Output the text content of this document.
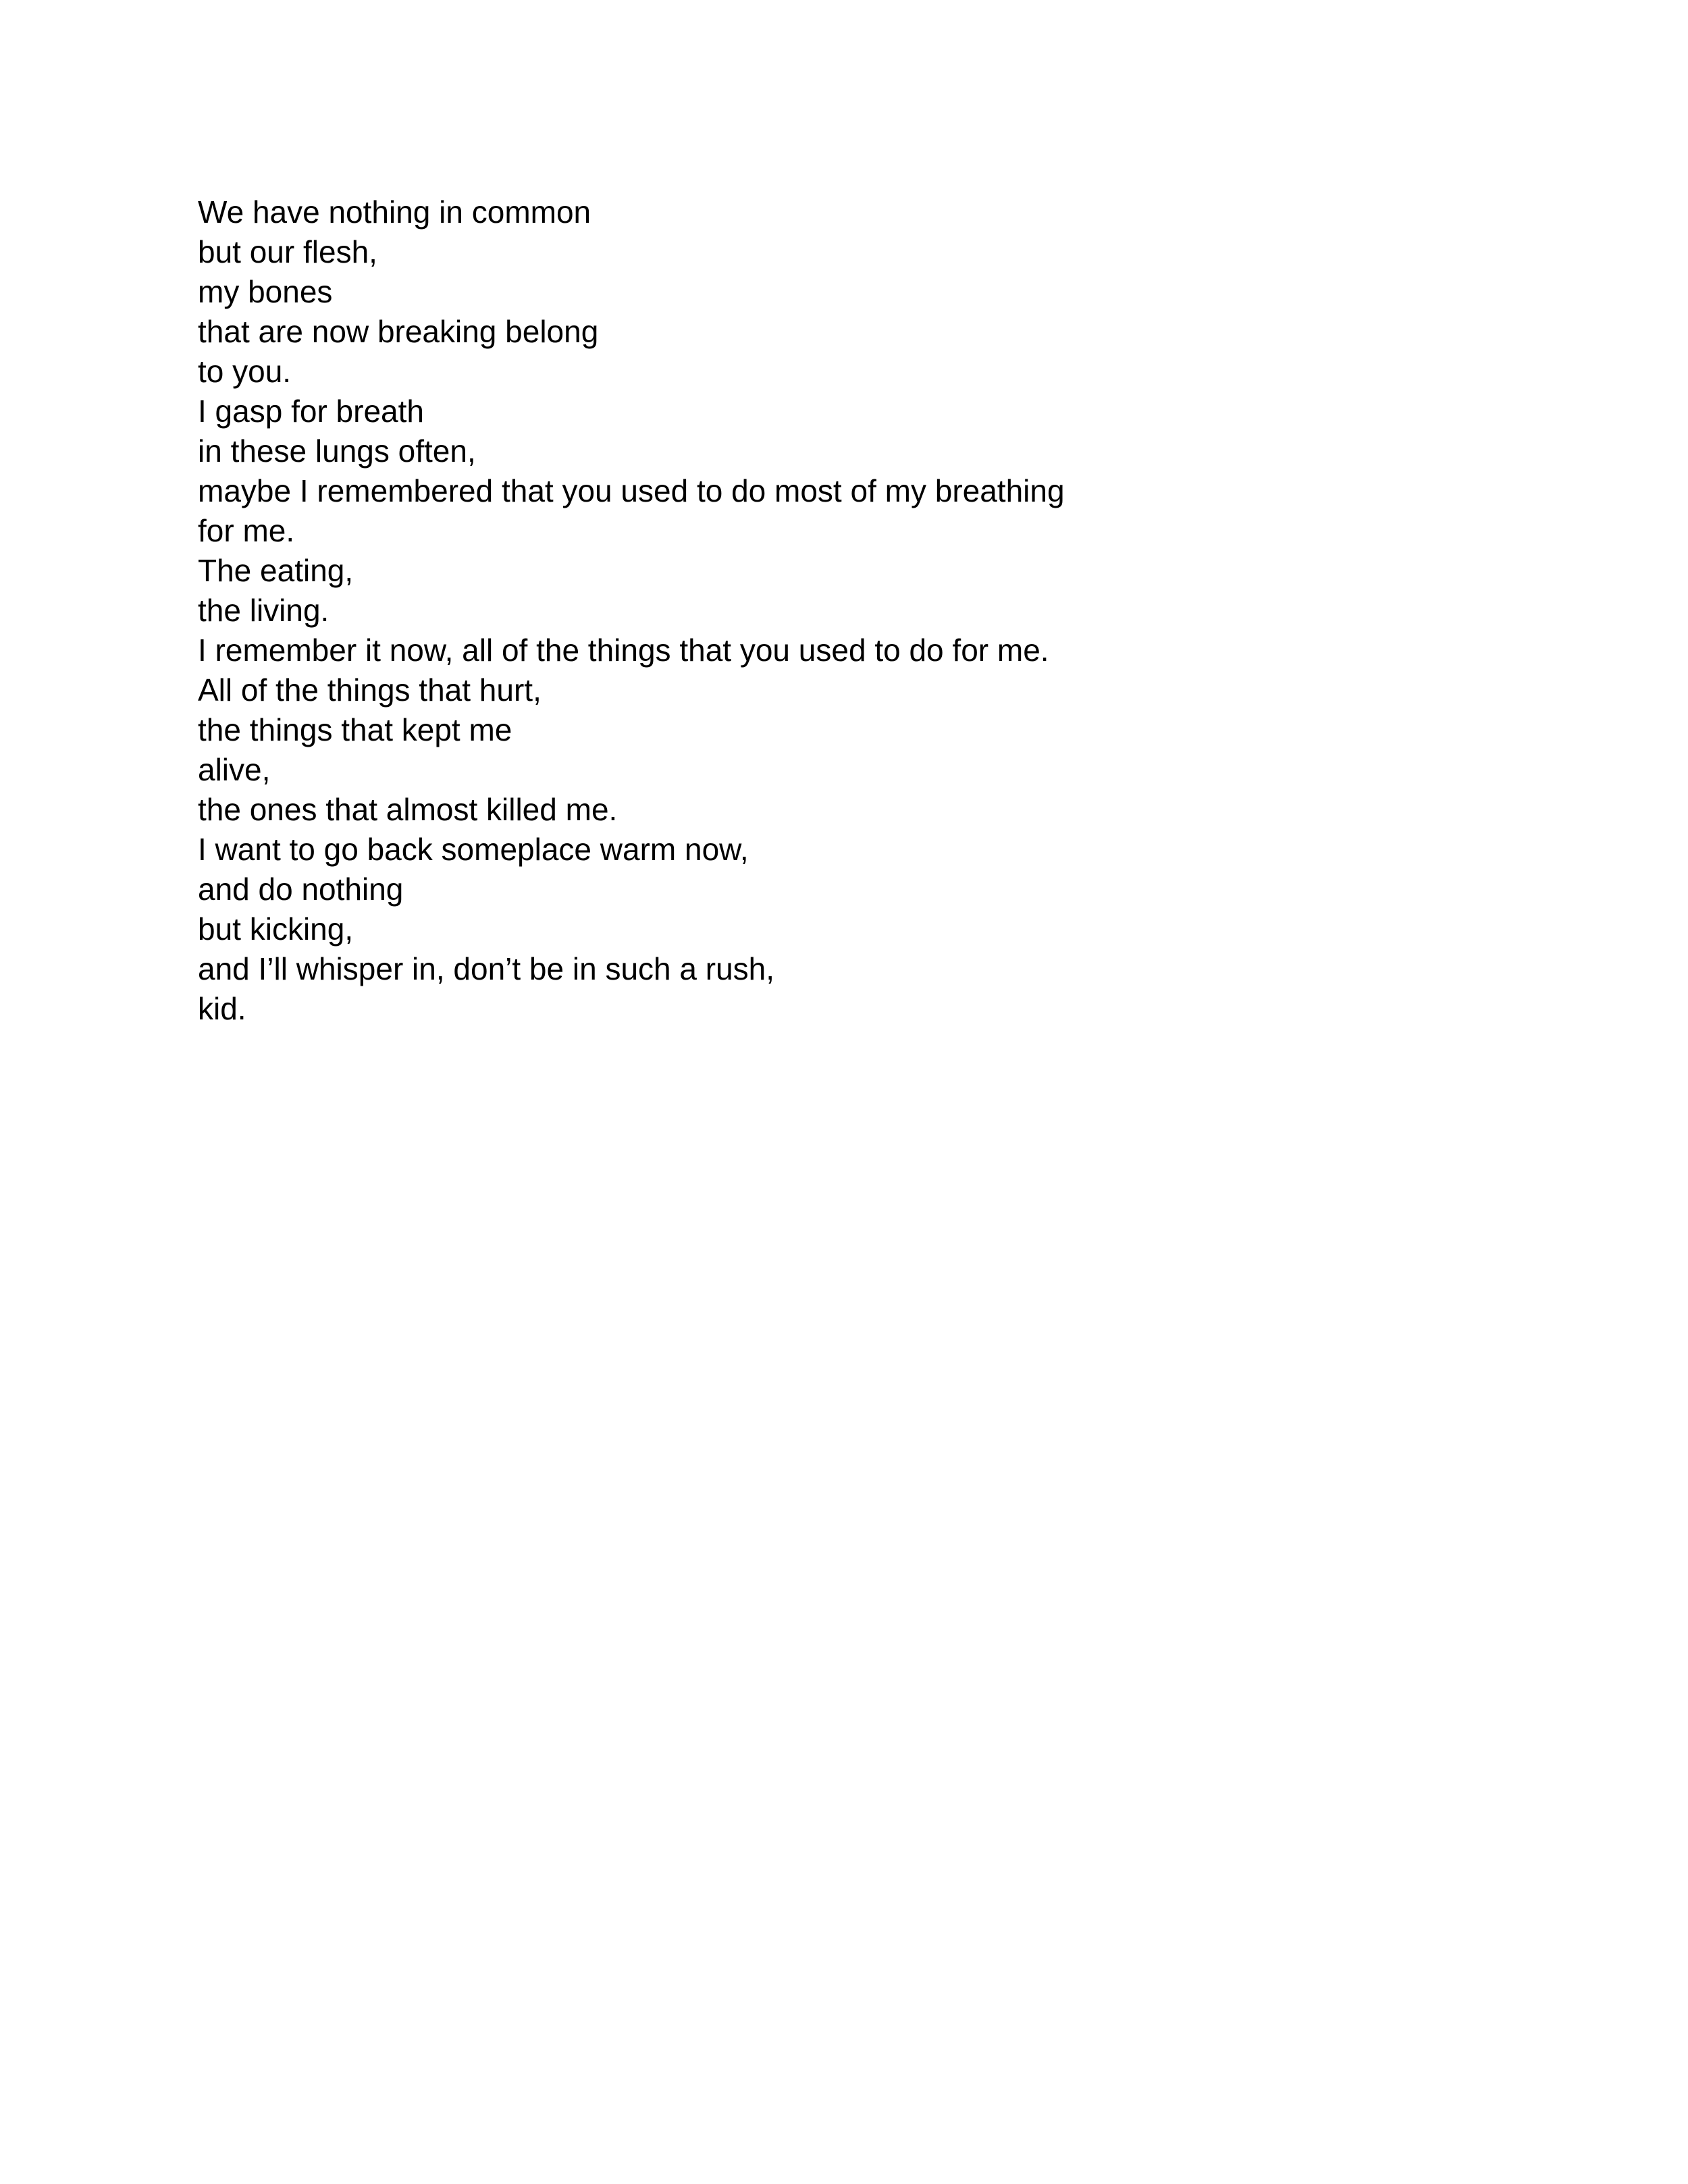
We have nothing in common
but our flesh,
my bones
that are now breaking belong
to you.
I gasp for breath
in these lungs often,
maybe I remembered that you used to do most of my breathing
for me.
The eating,
the living.
I remember it now, all of the things that you used to do for me.
All of the things that hurt,
the things that kept me
alive,
the ones that almost killed me.
I want to go back someplace warm now,
and do nothing
but kicking,
and I’ll whisper in, don’t be in such a rush,
kid.
